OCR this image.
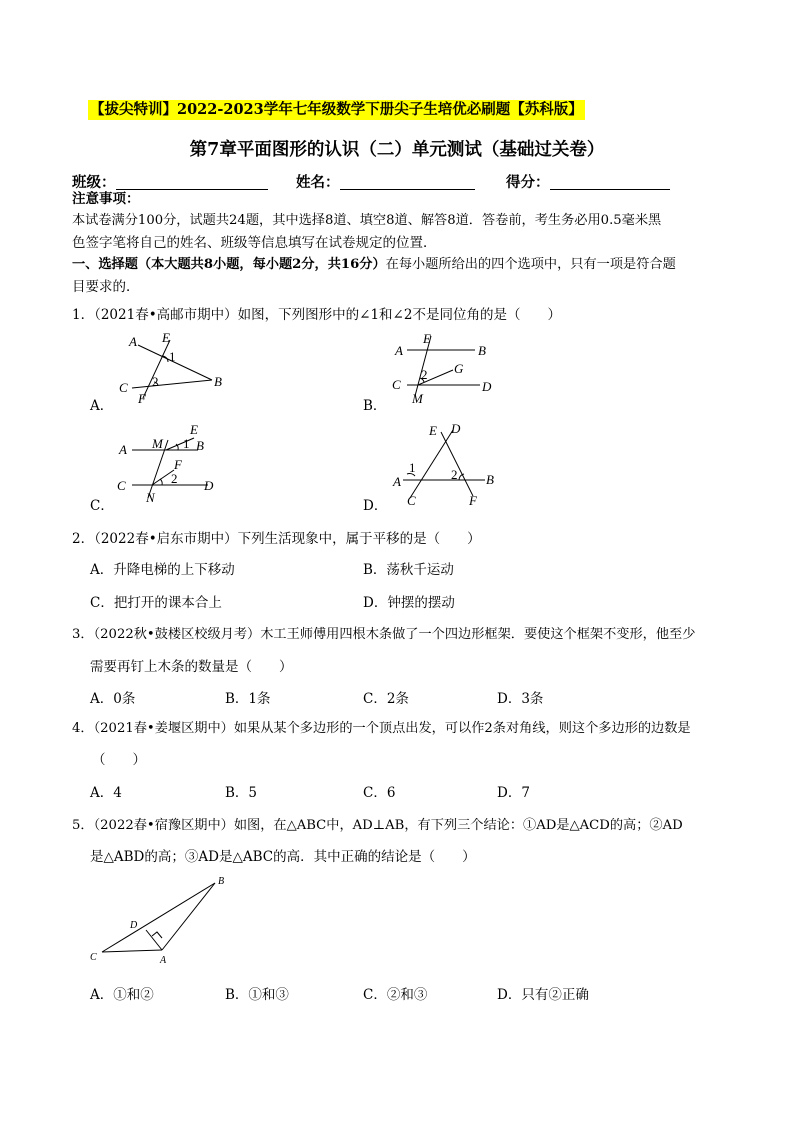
【拔尖特训】2022-2023学年七年级数学下册尖子生培优必刷题【苏科版】
第7章平面图形的认识（二）单元测试（基础过关卷）
班级：	姓名：	得分：
注意事项：
本试卷满分100分，试题共24题，其中选择8道、填空8道、解答8道．答卷前，考生务必用0.5毫米黑
色签字笔将自己的姓名、班级等信息填写在试卷规定的位置．
一、选择题（本大题共8小题，每小题2分，共16分）在每小题所给出的四个选项中，只有一项是符合题
目要求的．
1．（2021春•高邮市期中）如图，下列图形中的∠1和∠2不是同位角的是（　　）
A．	B．
C．	D．
A E
1
C 2	B
F
E
A	B
G
2
C	D
M
E
A M 1 B
F
2
C	D
N
E D
1	2
A	B
C	F
2．（2022春•启东市期中）下列生活现象中，属于平移的是（　　）
A．升降电梯的上下移动	B．荡秋千运动
C．把打开的课本合上	D．钟摆的摆动
3．（2022秋•鼓楼区校级月考）木工王师傅用四根木条做了一个四边形框架．要使这个框架不变形，他至少
需要再钉上木条的数量是（　　）
A．0条	B．1条	C．2条	D．3条
4．（2021春•姜堰区期中）如果从某个多边形的一个顶点出发，可以作2条对角线，则这个多边形的边数是
（　　）
A．4	B．5	C．6	D．7
5．（2022春•宿豫区期中）如图，在△ABC中，AD⊥AB，有下列三个结论：①AD是△ACD的高；②AD
是△ABD的高；③AD是△ABC的高．其中正确的结论是（　　）
B
D
C	A
A．①和②	B．①和③	C．②和③	D．只有②正确
